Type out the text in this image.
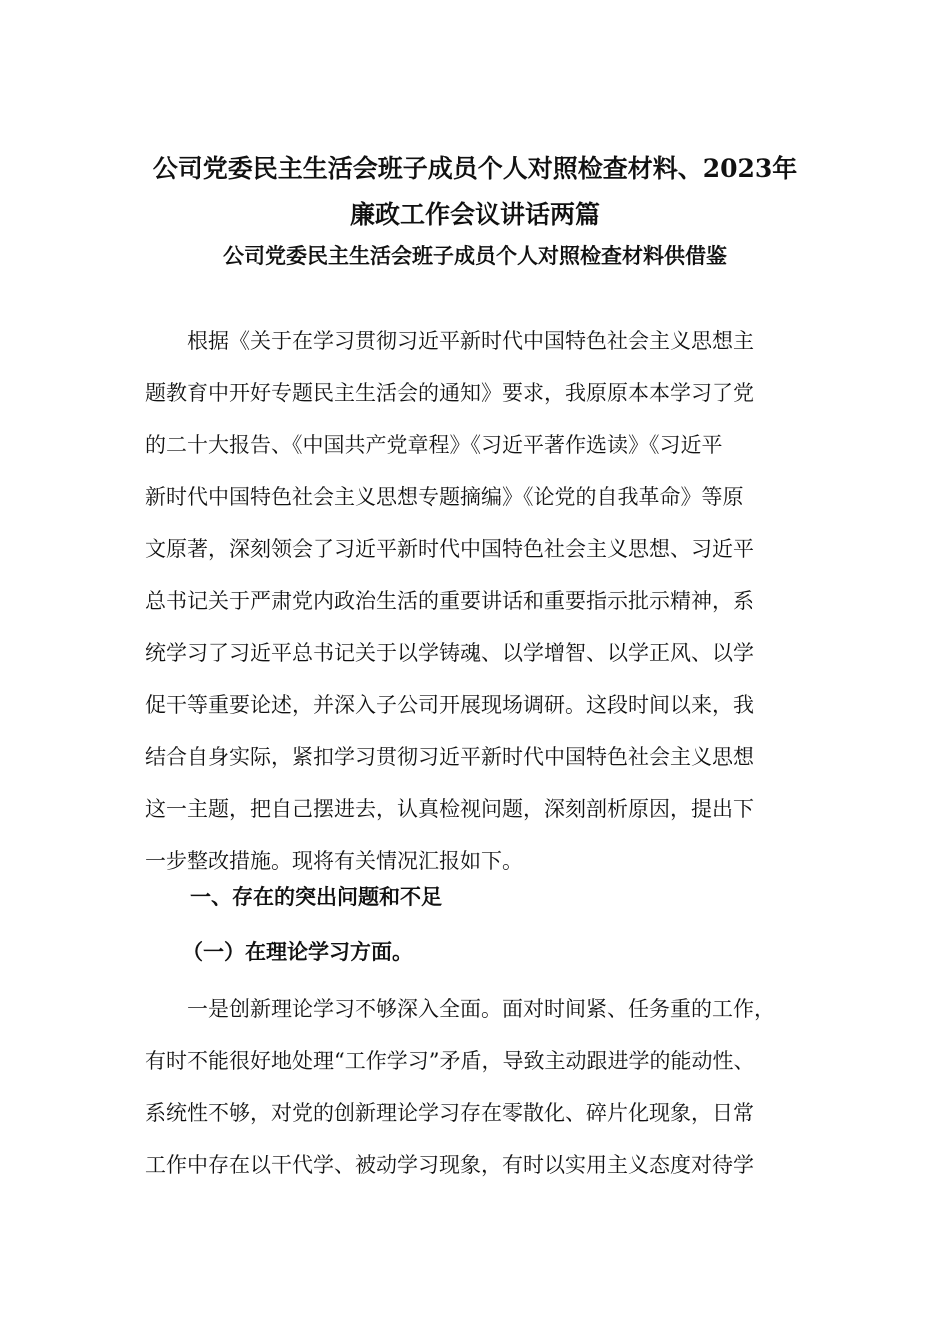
公司党委民主生活会班子成员个人对照检查材料、2023年
廉政工作会议讲话两篇
公司党委民主生活会班子成员个人对照检查材料供借鉴
　　根据《关于在学习贯彻习近平新时代中国特色社会主义思想主
题教育中开好专题民主生活会的通知》要求，我原原本本学习了党
的二十大报告、《中国共产党章程》《习近平著作选读》《习近平
新时代中国特色社会主义思想专题摘编》《论党的自我革命》等原
文原著，深刻领会了习近平新时代中国特色社会主义思想、习近平
总书记关于严肃党内政治生活的重要讲话和重要指示批示精神，系
统学习了习近平总书记关于以学铸魂、以学增智、以学正风、以学
促干等重要论述，并深入子公司开展现场调研。这段时间以来，我
结合自身实际，紧扣学习贯彻习近平新时代中国特色社会主义思想
这一主题，把自己摆进去，认真检视问题，深刻剖析原因，提出下
一步整改措施。现将有关情况汇报如下。
一、存在的突出问题和不足
（一）在理论学习方面。
　　一是创新理论学习不够深入全面。面对时间紧、任务重的工作，
有时不能很好地处理“工作学习”矛盾，导致主动跟进学的能动性、
系统性不够，对党的创新理论学习存在零散化、碎片化现象，日常
工作中存在以干代学、被动学习现象，有时以实用主义态度对待学
